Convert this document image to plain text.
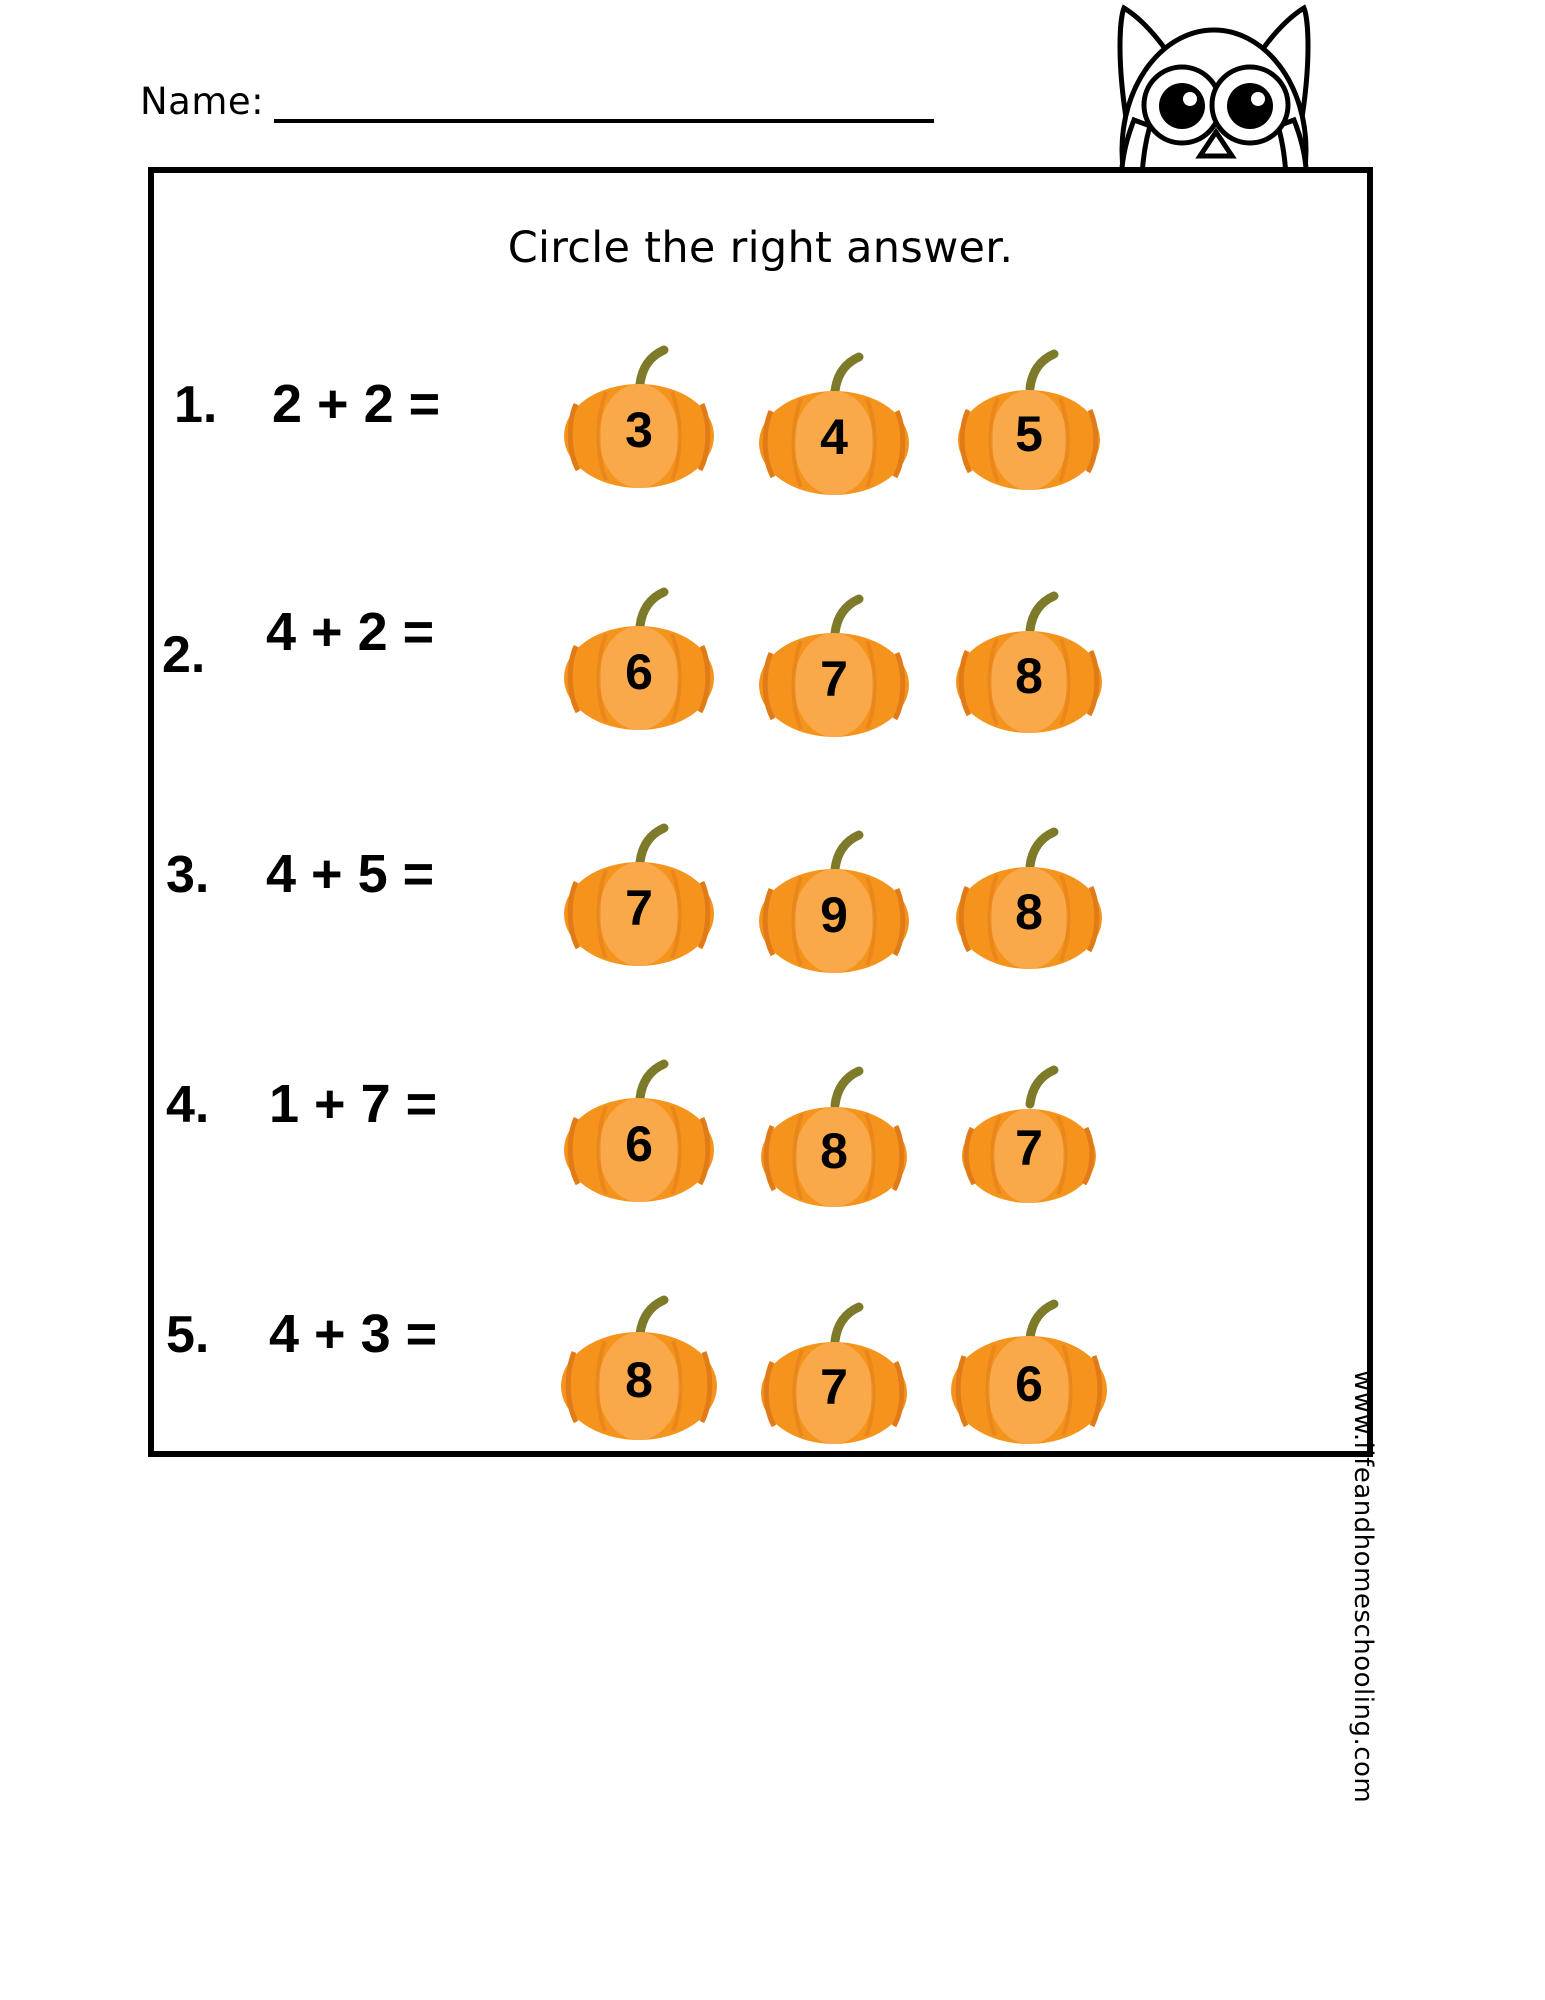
Name:
Circle the right answer.
1. 2 + 2 =	3	4	5
2. 4 + 2 =
6	7	8
3. 4 + 5 =
7	9	8
4. 1 + 7 =
6	8	7
5. 4 + 3 =
8	7	6	www.lifeandhomeschooling.com
